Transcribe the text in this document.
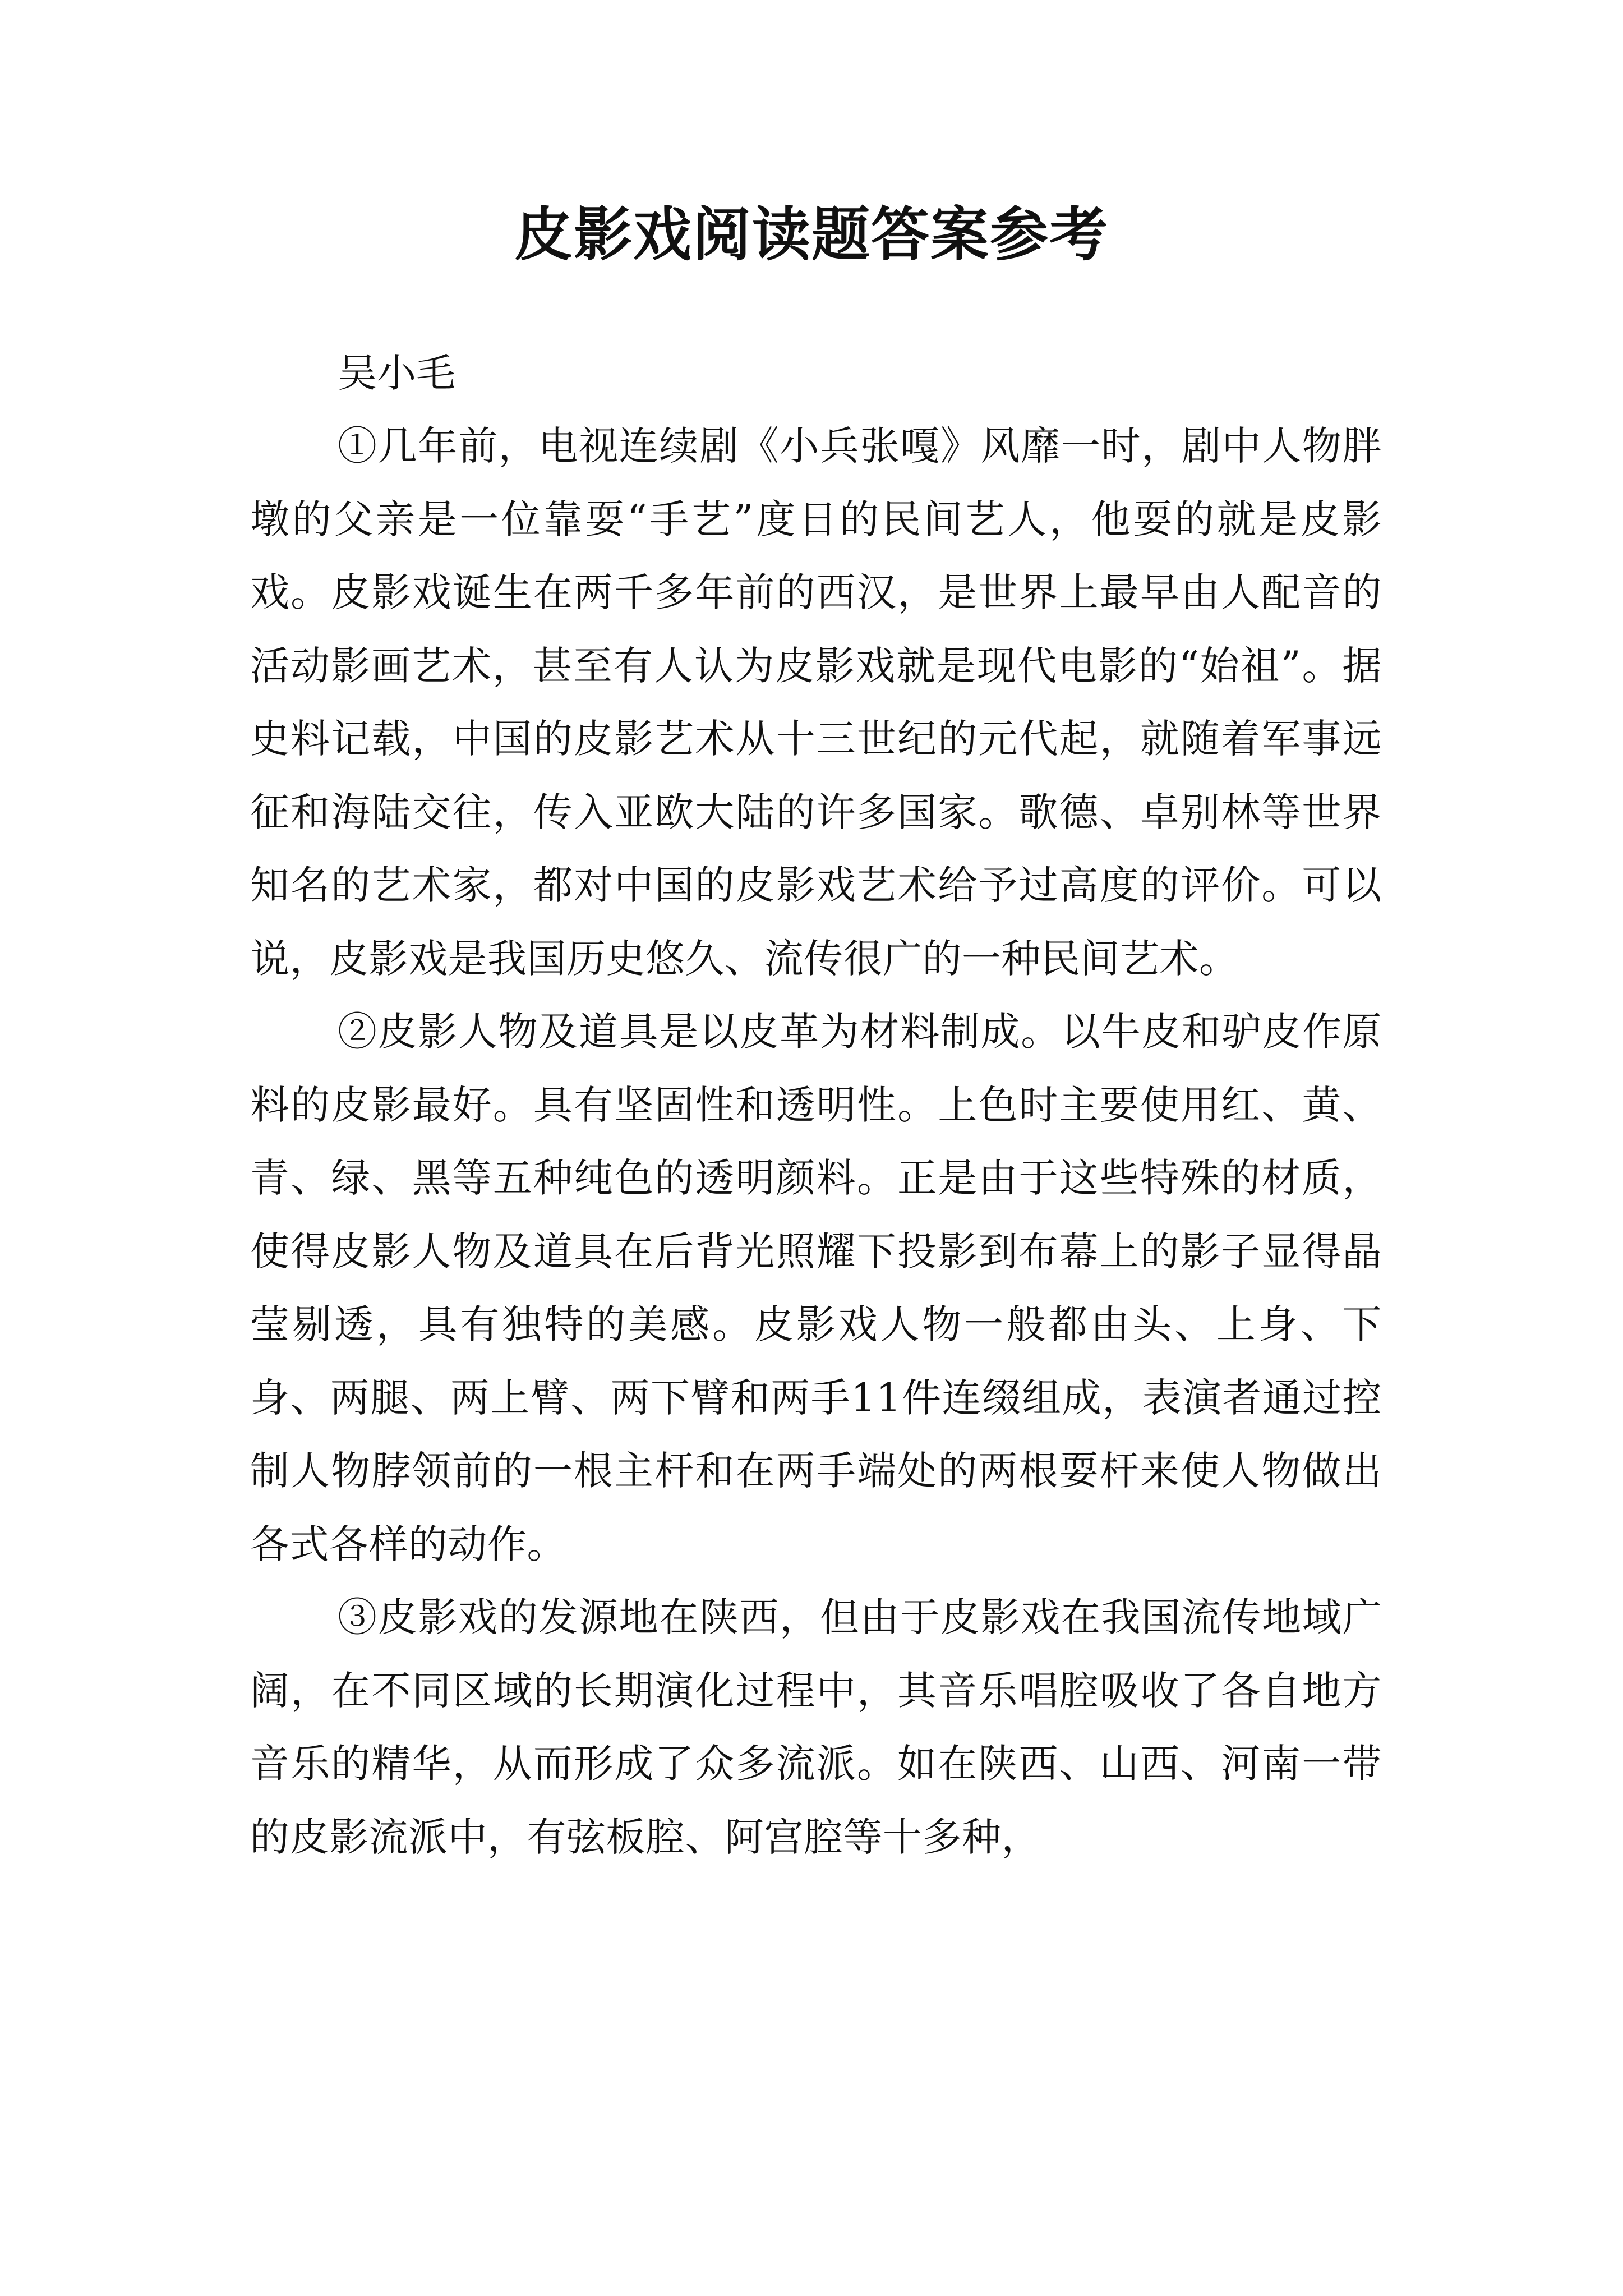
皮影戏阅读题答案参考

吴小毛

①几年前，电视连续剧《小兵张嘎》风靡一时，剧中人物胖墩的父亲是一位靠耍“手艺”度日的民间艺人，他耍的就是皮影戏。皮影戏诞生在两千多年前的西汉，是世界上最早由人配音的活动影画艺术，甚至有人认为皮影戏就是现代电影的“始祖”。据史料记载，中国的皮影艺术从十三世纪的元代起，就随着军事远征和海陆交往，传入亚欧大陆的许多国家。歌德、卓别林等世界知名的艺术家，都对中国的皮影戏艺术给予过高度的评价。可以说，皮影戏是我国历史悠久、流传很广的一种民间艺术。

②皮影人物及道具是以皮革为材料制成。以牛皮和驴皮作原料的皮影最好。具有坚固性和透明性。上色时主要使用红、黄、青、绿、黑等五种纯色的透明颜料。正是由于这些特殊的材质，使得皮影人物及道具在后背光照耀下投影到布幕上的影子显得晶莹剔透，具有独特的美感。皮影戏人物一般都由头、上身、下身、两腿、两上臂、两下臂和两手11件连缀组成，表演者通过控制人物脖领前的一根主杆和在两手端处的两根耍杆来使人物做出各式各样的动作。

③皮影戏的发源地在陕西，但由于皮影戏在我国流传地域广阔，在不同区域的长期演化过程中，其音乐唱腔吸收了各自地方音乐的精华，从而形成了众多流派。如在陕西、山西、河南一带的皮影流派中，有弦板腔、阿宫腔等十多种，
